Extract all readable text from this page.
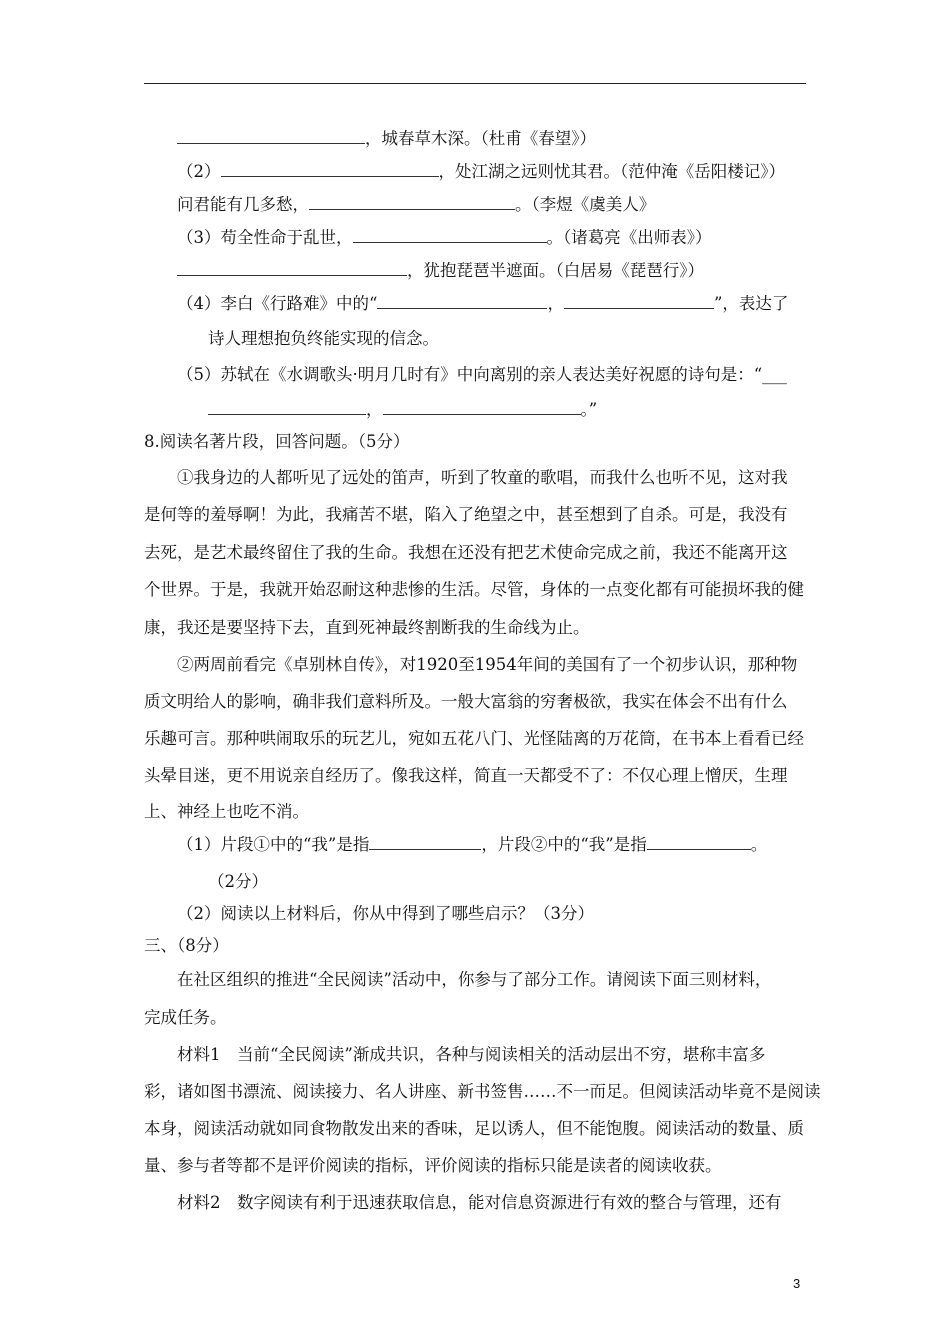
，城春草木深。（杜甫《春望》）
（2）	，处江湖之远则忧其君。（范仲淹《岳阳楼记》）
问君能有几多愁，	。（李煜《虞美人》
（3）苟全性命于乱世，	。（诸葛亮《出师表》）
，犹抱琵琶半遮面。（白居易《琵琶行》）
（4）李白《行路难》中的“	，	”，表达了
诗人理想抱负终能实现的信念。
（5）苏轼在《水调歌头·明月几时有》中向离别的亲人表达美好祝愿的诗句是：“___
，	。”
8.阅读名著片段，回答问题。（5分）
①我身边的人都听见了远处的笛声，听到了牧童的歌唱，而我什么也听不见，这对我
是何等的羞辱啊！为此，我痛苦不堪，陷入了绝望之中，甚至想到了自杀。可是，我没有
去死，是艺术最终留住了我的生命。我想在还没有把艺术使命完成之前，我还不能离开这
个世界。于是，我就开始忍耐这种悲惨的生活。尽管，身体的一点变化都有可能损坏我的健
康，我还是要坚持下去，直到死神最终割断我的生命线为止。
②两周前看完《卓别林自传》，对1920至1954年间的美国有了一个初步认识，那种物
质文明给人的影响，确非我们意料所及。一般大富翁的穷奢极欲，我实在体会不出有什么
乐趣可言。那种哄闹取乐的玩艺儿，宛如五花八门、光怪陆离的万花筒，在书本上看看已经
头晕目迷，更不用说亲自经历了。像我这样，简直一天都受不了：不仅心理上憎厌，生理
上、神经上也吃不消。
（1）片段①中的“我”是指	，片段②中的“我”是指	。
（2分）
（2）阅读以上材料后，你从中得到了哪些启示？（3分）
三、（8分）
在社区组织的推进“全民阅读”活动中，你参与了部分工作。请阅读下面三则材料，
完成任务。
材料1　当前“全民阅读”渐成共识，各种与阅读相关的活动层出不穷，堪称丰富多
彩，诸如图书漂流、阅读接力、名人讲座、新书签售……不一而足。但阅读活动毕竟不是阅读
本身，阅读活动就如同食物散发出来的香味，足以诱人，但不能饱腹。阅读活动的数量、质
量、参与者等都不是评价阅读的指标，评价阅读的指标只能是读者的阅读收获。
材料2　数字阅读有利于迅速获取信息，能对信息资源进行有效的整合与管理，还有
3
